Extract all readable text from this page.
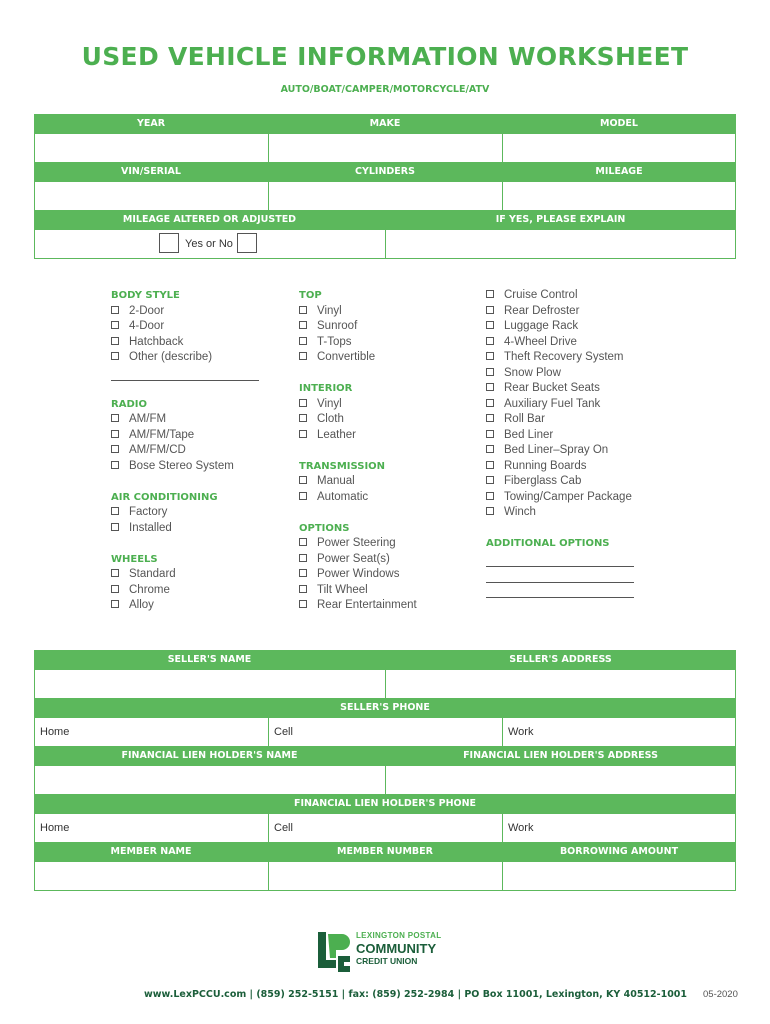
USED VEHICLE INFORMATION WORKSHEET
AUTO/BOAT/CAMPER/MOTORCYCLE/ATV
YEAR	MAKE	MODEL
VIN/SERIAL	CYLINDERS	MILEAGE
MILEAGE ALTERED OR ADJUSTED	IF YES, PLEASE EXPLAIN
Yes or No
BODY STYLE
2-Door
4-Door
Hatchback
Other (describe)
RADIO
AM/FM
AM/FM/Tape
AM/FM/CD
Bose Stereo System
AIR CONDITIONING
Factory
Installed
WHEELS
Standard
Chrome
Alloy
TOP
Vinyl
Sunroof
T-Tops
Convertible
INTERIOR
Vinyl
Cloth
Leather
TRANSMISSION
Manual
Automatic
OPTIONS
Power Steering
Power Seat(s)
Power Windows
Tilt Wheel
Rear Entertainment
Cruise Control
Rear Defroster
Luggage Rack
4-Wheel Drive
Theft Recovery System
Snow Plow
Rear Bucket Seats
Auxiliary Fuel Tank
Roll Bar
Bed Liner
Bed Liner–Spray On
Running Boards
Fiberglass Cab
Towing/Camper Package
Winch
ADDITIONAL OPTIONS
SELLER'S NAME	SELLER'S ADDRESS
SELLER'S PHONE
Home	Cell	Work
FINANCIAL LIEN HOLDER'S NAME	FINANCIAL LIEN HOLDER'S ADDRESS
FINANCIAL LIEN HOLDER'S PHONE
Home	Cell	Work
MEMBER NAME	MEMBER NUMBER	BORROWING AMOUNT
LEXINGTON POSTAL
COMMUNITY
CREDIT UNION
www.LexPCCU.com | (859) 252-5151 | fax: (859) 252-2984 | PO Box 11001, Lexington, KY 40512-1001 05-2020
